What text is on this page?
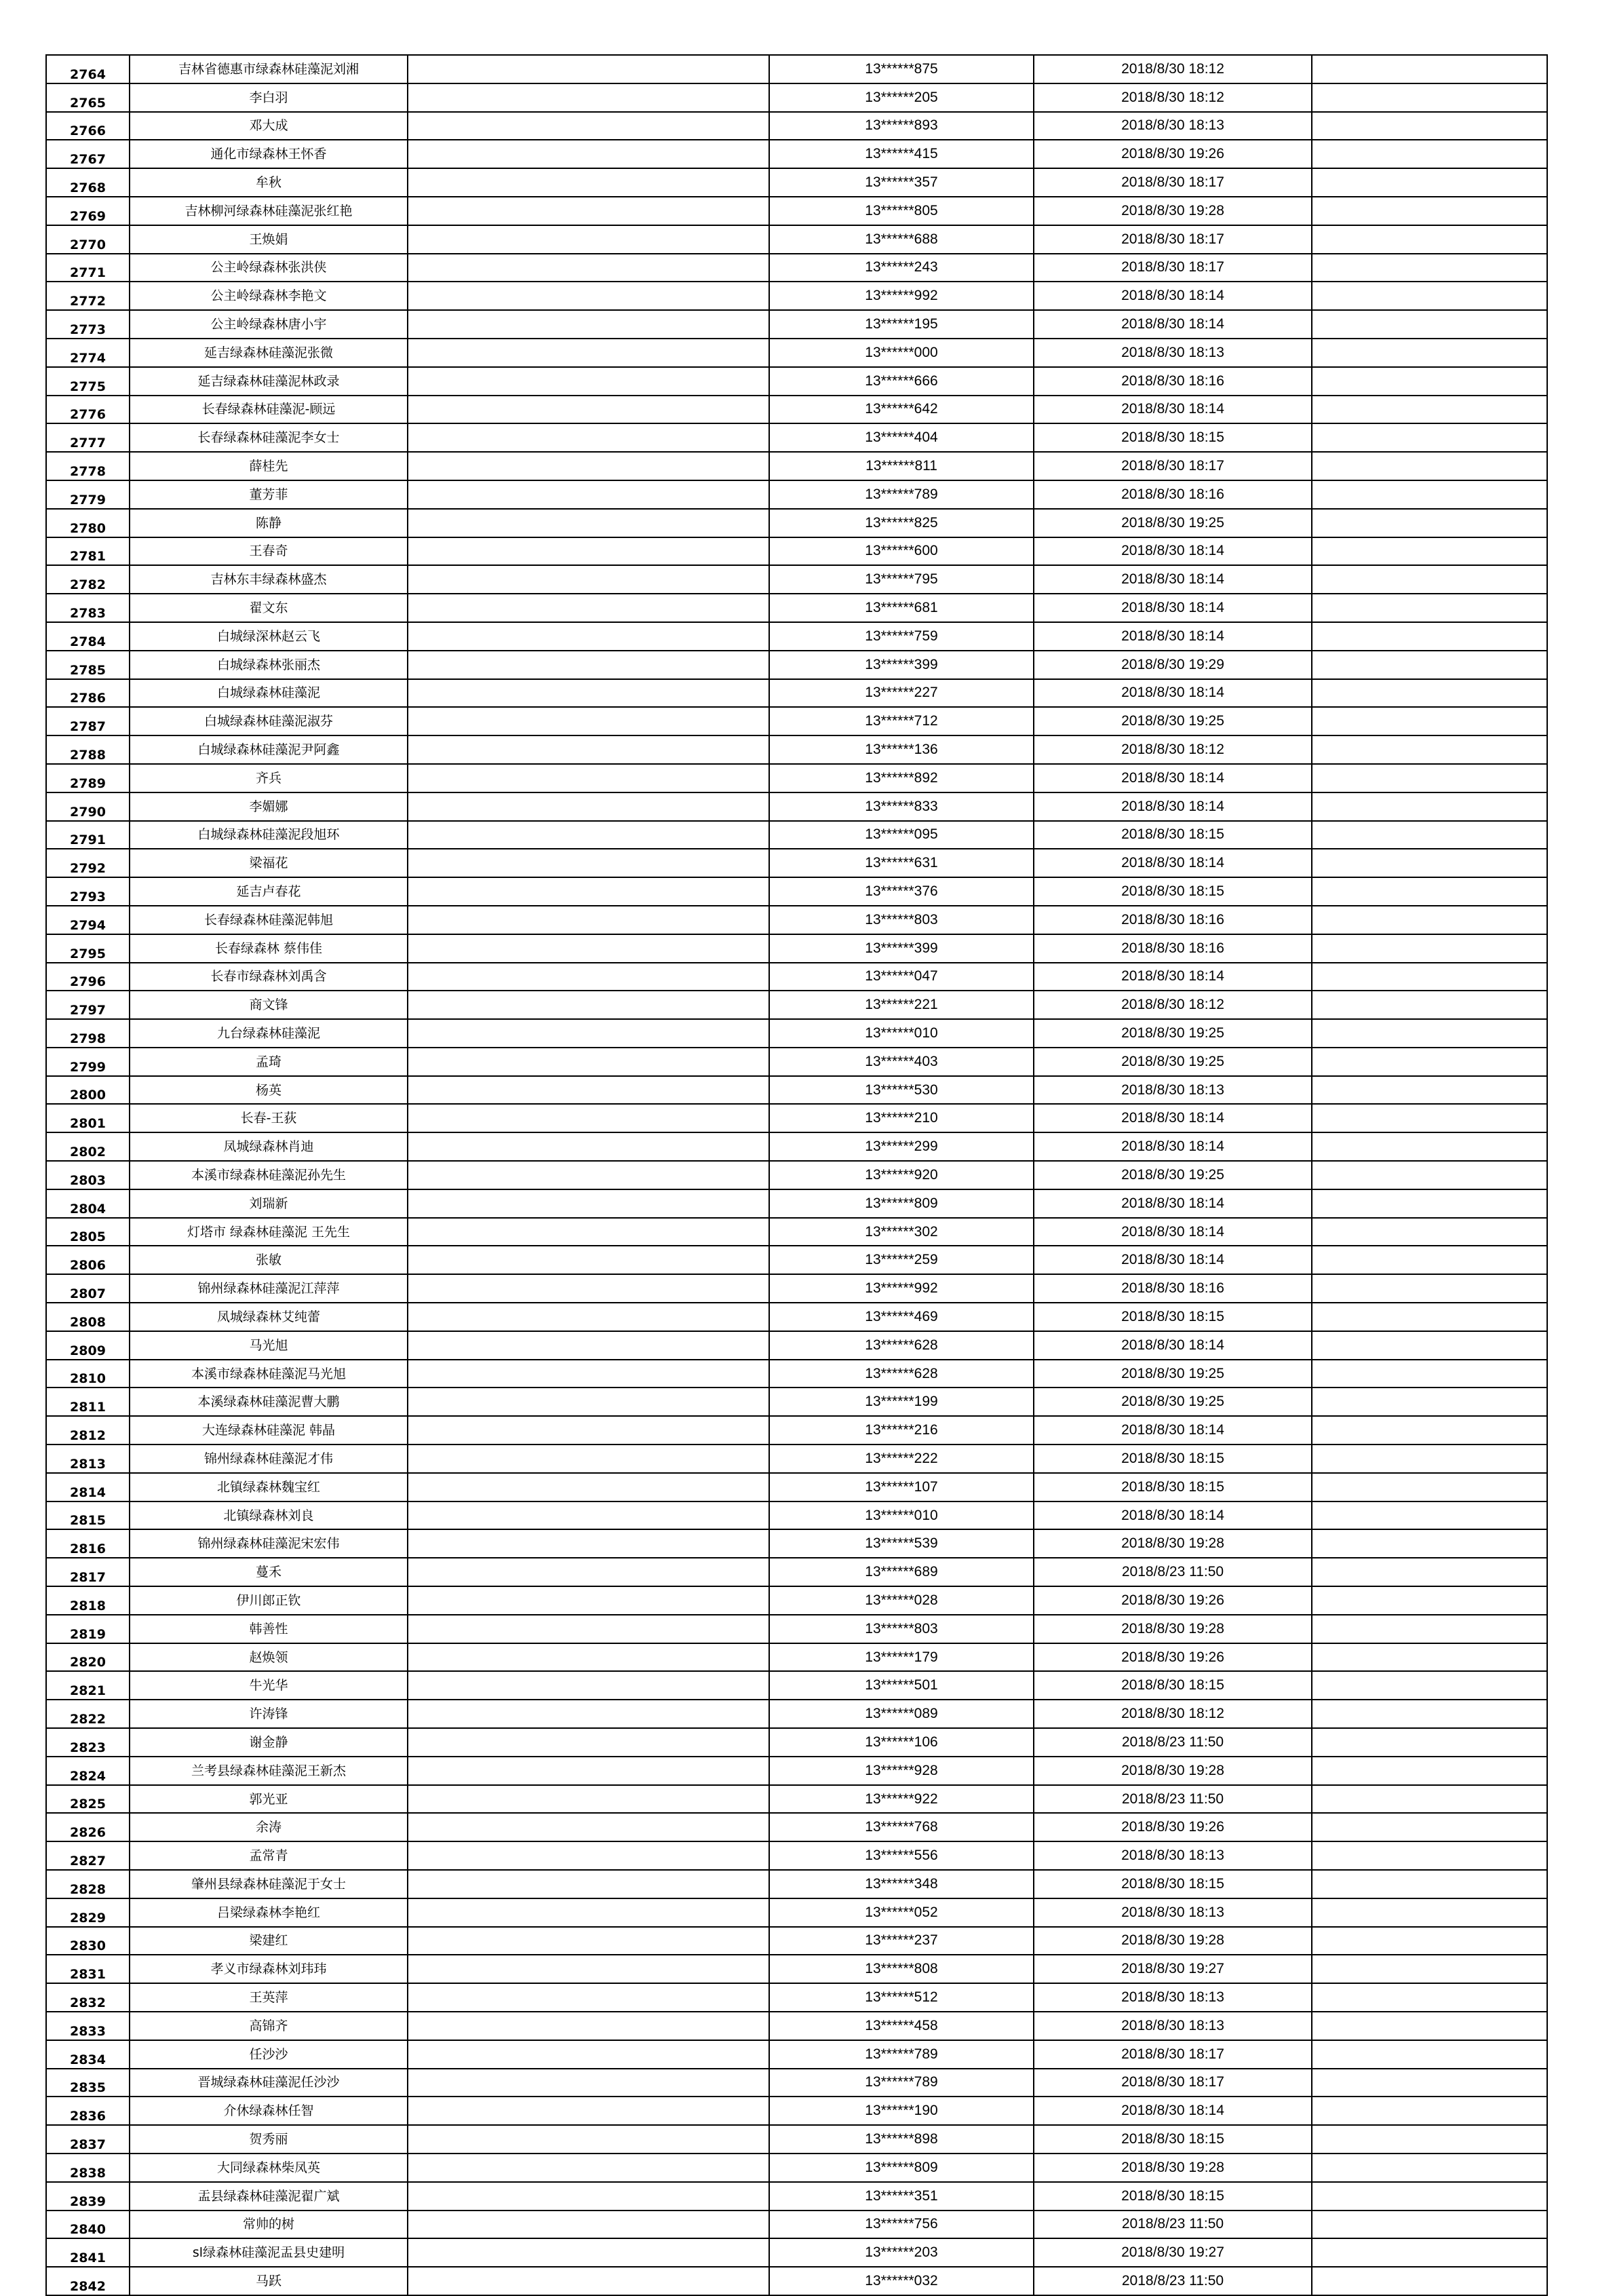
2764	吉林省德惠市绿森林硅藻泥刘湘		13******875	2018/8/30 18:12	
2765	李白羽		13******205	2018/8/30 18:12	
2766	邓大成		13******893	2018/8/30 18:13	
2767	通化市绿森林王怀香		13******415	2018/8/30 19:26	
2768	牟秋		13******357	2018/8/30 18:17	
2769	吉林柳河绿森林硅藻泥张红艳		13******805	2018/8/30 19:28	
2770	王焕娟		13******688	2018/8/30 18:17	
2771	公主岭绿森林张洪侠		13******243	2018/8/30 18:17	
2772	公主岭绿森林李艳文		13******992	2018/8/30 18:14	
2773	公主岭绿森林唐小宇		13******195	2018/8/30 18:14	
2774	延吉绿森林硅藻泥张微		13******000	2018/8/30 18:13	
2775	延吉绿森林硅藻泥林政录		13******666	2018/8/30 18:16	
2776	长春绿森林硅藻泥-顾远		13******642	2018/8/30 18:14	
2777	长春绿森林硅藻泥李女士		13******404	2018/8/30 18:15	
2778	薛桂先		13******811	2018/8/30 18:17	
2779	董芳菲		13******789	2018/8/30 18:16	
2780	陈静		13******825	2018/8/30 19:25	
2781	王春奇		13******600	2018/8/30 18:14	
2782	吉林东丰绿森林盛杰		13******795	2018/8/30 18:14	
2783	翟文东		13******681	2018/8/30 18:14	
2784	白城绿深林赵云飞		13******759	2018/8/30 18:14	
2785	白城绿森林张丽杰		13******399	2018/8/30 19:29	
2786	白城绿森林硅藻泥		13******227	2018/8/30 18:14	
2787	白城绿森林硅藻泥淑芬		13******712	2018/8/30 19:25	
2788	白城绿森林硅藻泥尹阿鑫		13******136	2018/8/30 18:12	
2789	齐兵		13******892	2018/8/30 18:14	
2790	李媚娜		13******833	2018/8/30 18:14	
2791	白城绿森林硅藻泥段旭环		13******095	2018/8/30 18:15	
2792	梁福花		13******631	2018/8/30 18:14	
2793	延吉卢春花		13******376	2018/8/30 18:15	
2794	长春绿森林硅藻泥韩旭		13******803	2018/8/30 18:16	
2795	长春绿森林 蔡伟佳		13******399	2018/8/30 18:16	
2796	长春市绿森林刘禹含		13******047	2018/8/30 18:14	
2797	商文锋		13******221	2018/8/30 18:12	
2798	九台绿森林硅藻泥		13******010	2018/8/30 19:25	
2799	孟琦		13******403	2018/8/30 19:25	
2800	杨英		13******530	2018/8/30 18:13	
2801	长春-王荻		13******210	2018/8/30 18:14	
2802	凤城绿森林肖迪		13******299	2018/8/30 18:14	
2803	本溪市绿森林硅藻泥孙先生		13******920	2018/8/30 19:25	
2804	刘瑞新		13******809	2018/8/30 18:14	
2805	灯塔市 绿森林硅藻泥 王先生		13******302	2018/8/30 18:14	
2806	张敏		13******259	2018/8/30 18:14	
2807	锦州绿森林硅藻泥江萍萍		13******992	2018/8/30 18:16	
2808	凤城绿森林艾纯蕾		13******469	2018/8/30 18:15	
2809	马光旭		13******628	2018/8/30 18:14	
2810	本溪市绿森林硅藻泥马光旭		13******628	2018/8/30 19:25	
2811	本溪绿森林硅藻泥曹大鹏		13******199	2018/8/30 19:25	
2812	大连绿森林硅藻泥 韩晶		13******216	2018/8/30 18:14	
2813	锦州绿森林硅藻泥才伟		13******222	2018/8/30 18:15	
2814	北镇绿森林魏宝红		13******107	2018/8/30 18:15	
2815	北镇绿森林刘良		13******010	2018/8/30 18:14	
2816	锦州绿森林硅藻泥宋宏伟		13******539	2018/8/30 19:28	
2817	蔓禾		13******689	2018/8/23 11:50	
2818	伊川郎正钦		13******028	2018/8/30 19:26	
2819	韩善性		13******803	2018/8/30 19:28	
2820	赵焕领		13******179	2018/8/30 19:26	
2821	牛光华		13******501	2018/8/30 18:15	
2822	许涛锋		13******089	2018/8/30 18:12	
2823	谢金静		13******106	2018/8/23 11:50	
2824	兰考县绿森林硅藻泥王新杰		13******928	2018/8/30 19:28	
2825	郭光亚		13******922	2018/8/23 11:50	
2826	余涛		13******768	2018/8/30 19:26	
2827	孟常青		13******556	2018/8/30 18:13	
2828	肇州县绿森林硅藻泥于女士		13******348	2018/8/30 18:15	
2829	吕梁绿森林李艳红		13******052	2018/8/30 18:13	
2830	梁建红		13******237	2018/8/30 19:28	
2831	孝义市绿森林刘玮玮		13******808	2018/8/30 19:27	
2832	王英萍		13******512	2018/8/30 18:13	
2833	高锦齐		13******458	2018/8/30 18:13	
2834	任沙沙		13******789	2018/8/30 18:17	
2835	晋城绿森林硅藻泥任沙沙		13******789	2018/8/30 18:17	
2836	介休绿森林任智		13******190	2018/8/30 18:14	
2837	贺秀丽		13******898	2018/8/30 18:15	
2838	大同绿森林柴凤英		13******809	2018/8/30 19:28	
2839	盂县绿森林硅藻泥翟广斌		13******351	2018/8/30 18:15	
2840	常帅的树		13******756	2018/8/23 11:50	
2841	sl绿森林硅藻泥盂县史建明		13******203	2018/8/30 19:27	
2842	马跃		13******032	2018/8/23 11:50	
